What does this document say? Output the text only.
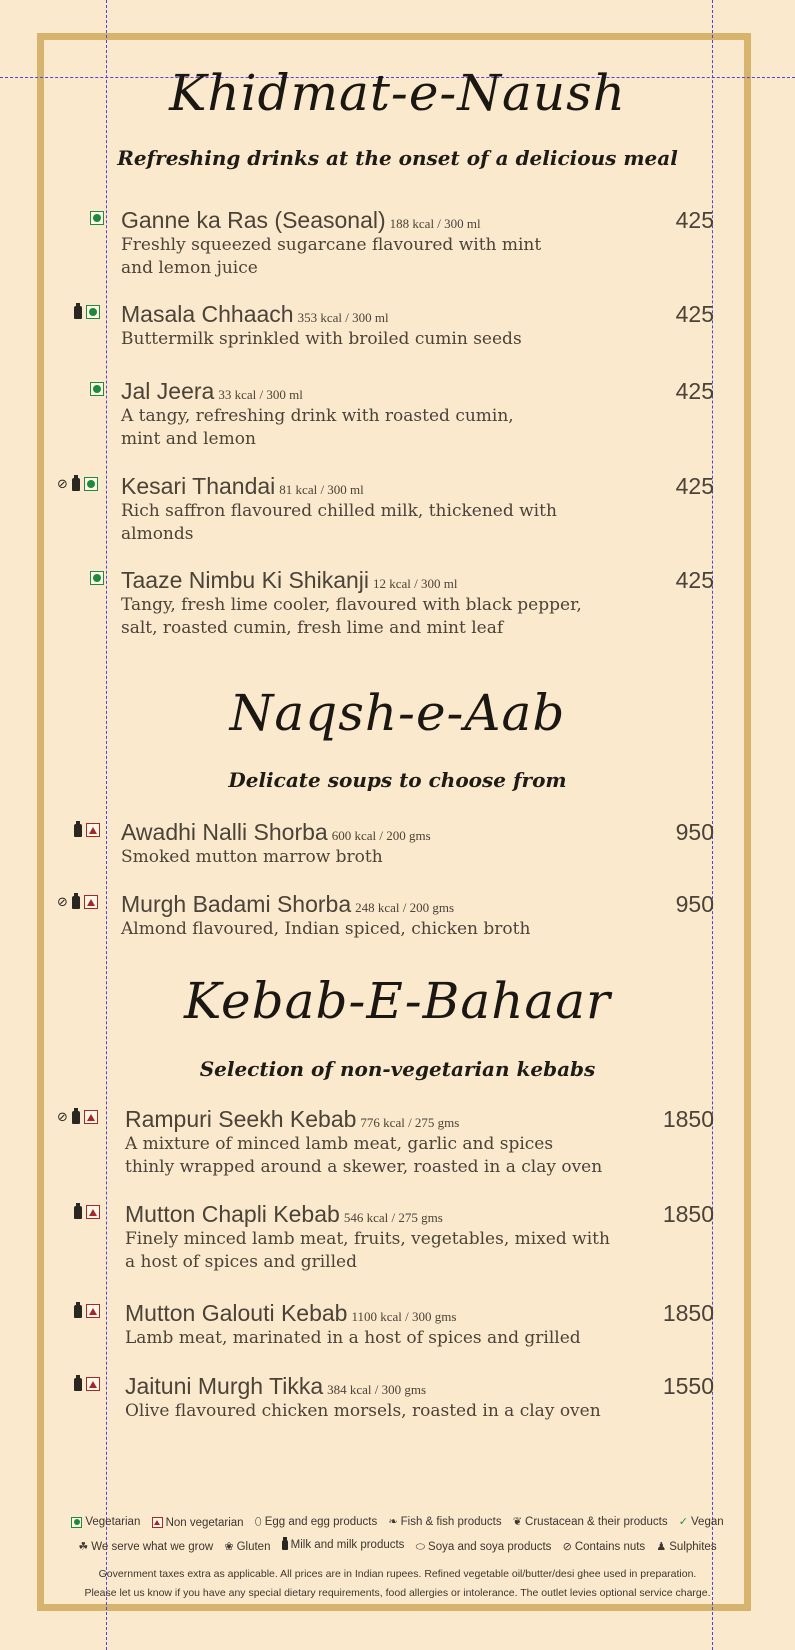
Khidmat-e-Naush
Refreshing drinks at the onset of a delicious meal
Ganne ka Ras (Seasonal) 188 kcal / 300 ml	425
Freshly squeezed sugarcane flavoured with mint
and lemon juice
Masala Chhaach 353 kcal / 300 ml	425
Buttermilk sprinkled with broiled cumin seeds
Jal Jeera 33 kcal / 300 ml	425
A tangy, refreshing drink with roasted cumin,
mint and lemon
⊘ Kesari Thandai 81 kcal / 300 ml	425
Rich saffron flavoured chilled milk, thickened with
almonds
Taaze Nimbu Ki Shikanji 12 kcal / 300 ml	425
Tangy, fresh lime cooler, flavoured with black pepper,
salt, roasted cumin, fresh lime and mint leaf
Naqsh-e-Aab
Delicate soups to choose from
Awadhi Nalli Shorba 600 kcal / 200 gms	950
Smoked mutton marrow broth
⊘ Murgh Badami Shorba 248 kcal / 200 gms	950
Almond flavoured, Indian spiced, chicken broth
Kebab-E-Bahaar
Selection of non-vegetarian kebabs
⊘ Rampuri Seekh Kebab 776 kcal / 275 gms	1850
A mixture of minced lamb meat, garlic and spices
thinly wrapped around a skewer, roasted in a clay oven
Mutton Chapli Kebab 546 kcal / 275 gms	1850
Finely minced lamb meat, fruits, vegetables, mixed with
a host of spices and grilled
Mutton Galouti Kebab 1100 kcal / 300 gms	1850
Lamb meat, marinated in a host of spices and grilled
Jaituni Murgh Tikka 384 kcal / 300 gms	1550
Olive flavoured chicken morsels, roasted in a clay oven
Vegetarian
Non vegetarian
⬯ Egg and egg products
❧ Fish & fish products
❦ Crustacean & their products
✓ Vegan
☘ We serve what we grow
❀ Gluten
Milk and milk products
⬭ Soya and soya products
⊘ Contains nuts
♟ Sulphites
Government taxes extra as applicable. All prices are in Indian rupees. Refined vegetable oil/butter/desi ghee used in preparation.
Please let us know if you have any special dietary requirements, food allergies or intolerance. The outlet levies optional service charge.
